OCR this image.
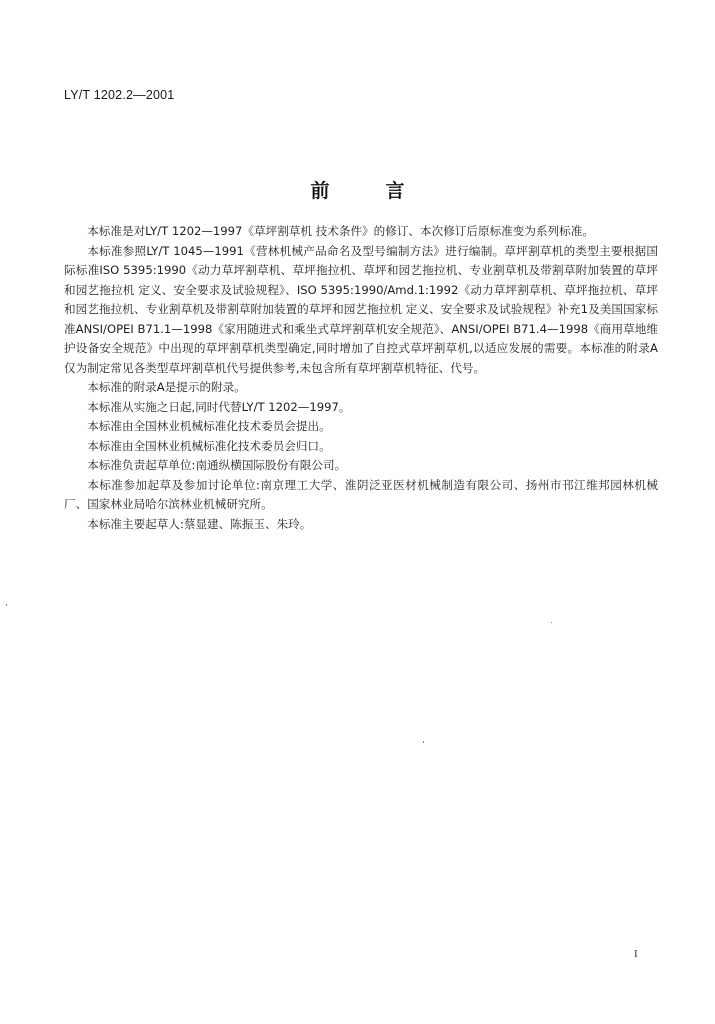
LY/T 1202.2—2001
前	言

本标准是对LY/T 1202—1997《草坪割草机 技术条件》的修订、本次修订后原标准变为系列标准。

本标准参照LY/T 1045—1991《营林机械产品命名及型号编制方法》进行编制。草坪割草机的类型主要根据国际标准ISO 5395:1990《动力草坪割草机、草坪拖拉机、草坪和园艺拖拉机、专业割草机及带割草附加装置的草坪和园艺拖拉机 定义、安全要求及试验规程》、ISO 5395:1990/Amd.1:1992《动力草坪割草机、草坪拖拉机、草坪和园艺拖拉机、专业割草机及带割草附加装置的草坪和园艺拖拉机 定义、安全要求及试验规程》补充1及美国国家标准ANSI/OPEI B71.1—1998《家用随进式和乘坐式草坪割草机安全规范》、ANSI/OPEI B71.4—1998《商用草地维护设备安全规范》中出现的草坪割草机类型确定,同时增加了自控式草坪割草机,以适应发展的需要。本标准的附录A仅为制定常见各类型草坪割草机代号提供参考,未包含所有草坪割草机特征、代号。

本标准的附录A是提示的附录。

本标准从实施之日起,同时代替LY/T 1202—1997。

本标准由全国林业机械标准化技术委员会提出。

本标准由全国林业机械标准化技术委员会归口。

本标准负责起草单位:南通纵横国际股份有限公司。

本标准参加起草及参加讨论单位:南京理工大学、淮阴泛亚医材机械制造有限公司、扬州市邗江维邦园林机械厂、国家林业局哈尔滨林业机械研究所。

本标准主要起草人:蔡显建、陈振玉、朱玲。

I
